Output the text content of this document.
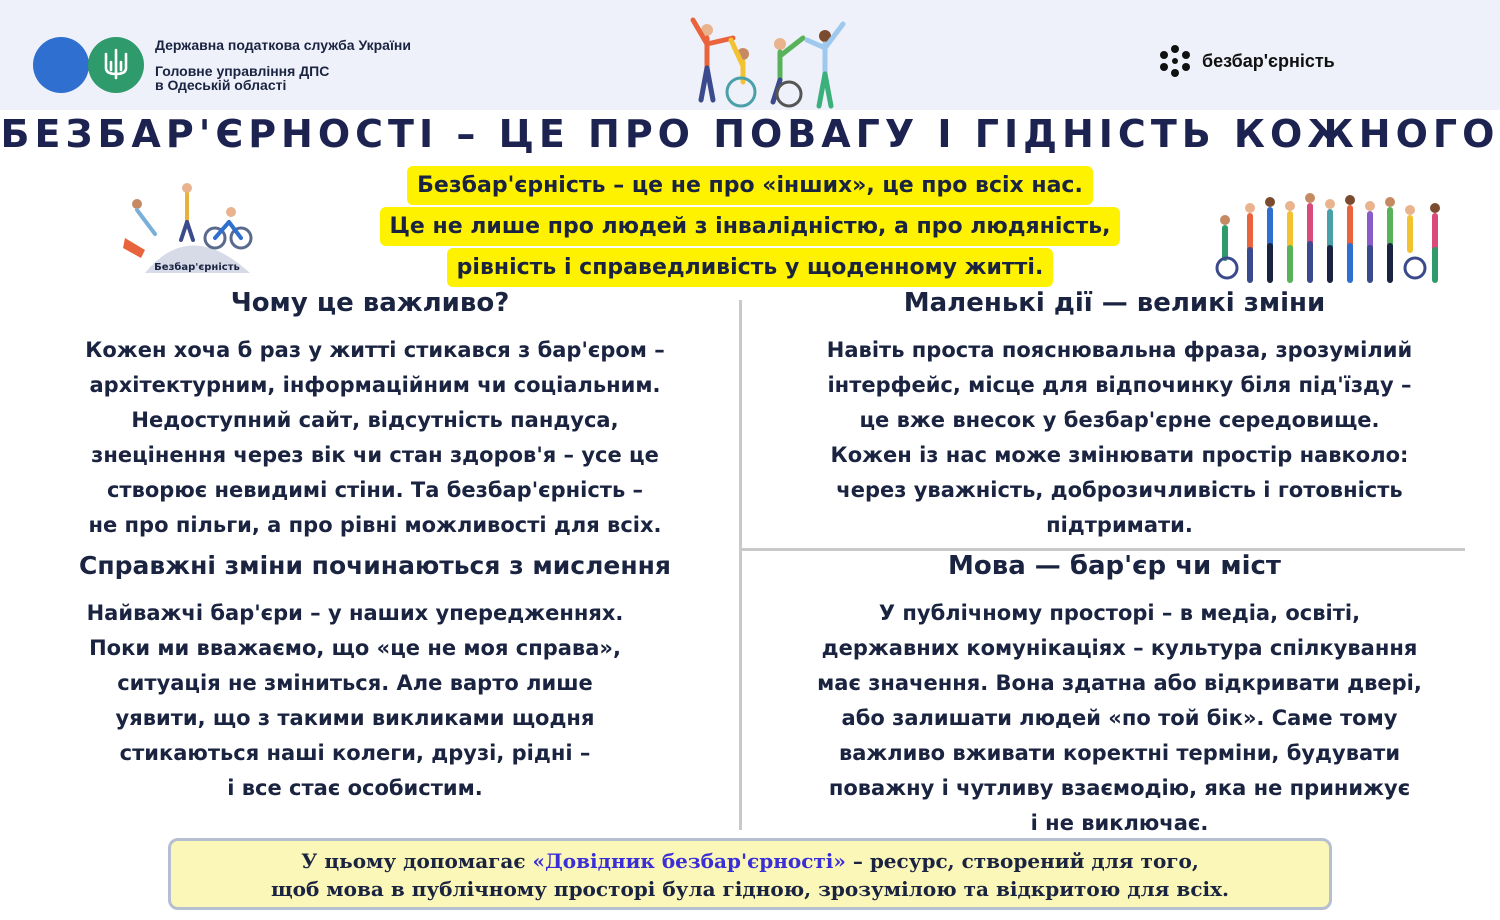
Державна податкова служба України
Головне управління ДПС
в Одеській області
безбар'єрність
БЕЗБАР'ЄРНОСТІ – ЦЕ ПРО ПОВАГУ І ГІДНІСТЬ КОЖНОГО
Безбар'єрність – це не про «інших», це про всіх нас.
Це не лише про людей з інвалідністю, а про людяність,
рівність і справедливість у щоденному житті.
Безбар'єрність
Чому це важливо?
Кожен хоча б раз у житті стикався з бар'єром –
архітектурним, інформаційним чи соціальним.
Недоступний сайт, відсутність пандуса,
знецінення через вік чи стан здоров'я – усе це
створює невидимі стіни. Та безбар'єрність –
не про пільги, а про рівні можливості для всіх.
Маленькі дії — великі зміни
Навіть проста пояснювальна фраза, зрозумілий
інтерфейс, місце для відпочинку біля під'їзду –
це вже внесок у безбар'єрне середовище.
Кожен із нас може змінювати простір навколо:
через уважність, доброзичливість і готовність
підтримати.
Справжні зміни починаються з мислення
Найважчі бар'єри – у наших упередженнях.
Поки ми вважаємо, що «це не моя справа»,
ситуація не зміниться. Але варто лише
уявити, що з такими викликами щодня
стикаються наші колеги, друзі, рідні –
і все стає особистим.
Мова — бар'єр чи міст
У публічному просторі – в медіа, освіті,
державних комунікаціях – культура спілкування
має значення. Вона здатна або відкривати двері,
або залишати людей «по той бік». Саме тому
важливо вживати коректні терміни, будувати
поважну і чутливу взаємодію, яка не принижує
і не виключає.
У цьому допомагає «Довідник безбар'єрності» – ресурс, створений для того,
щоб мова в публічному просторі була гідною, зрозумілою та відкритою для всіх.
